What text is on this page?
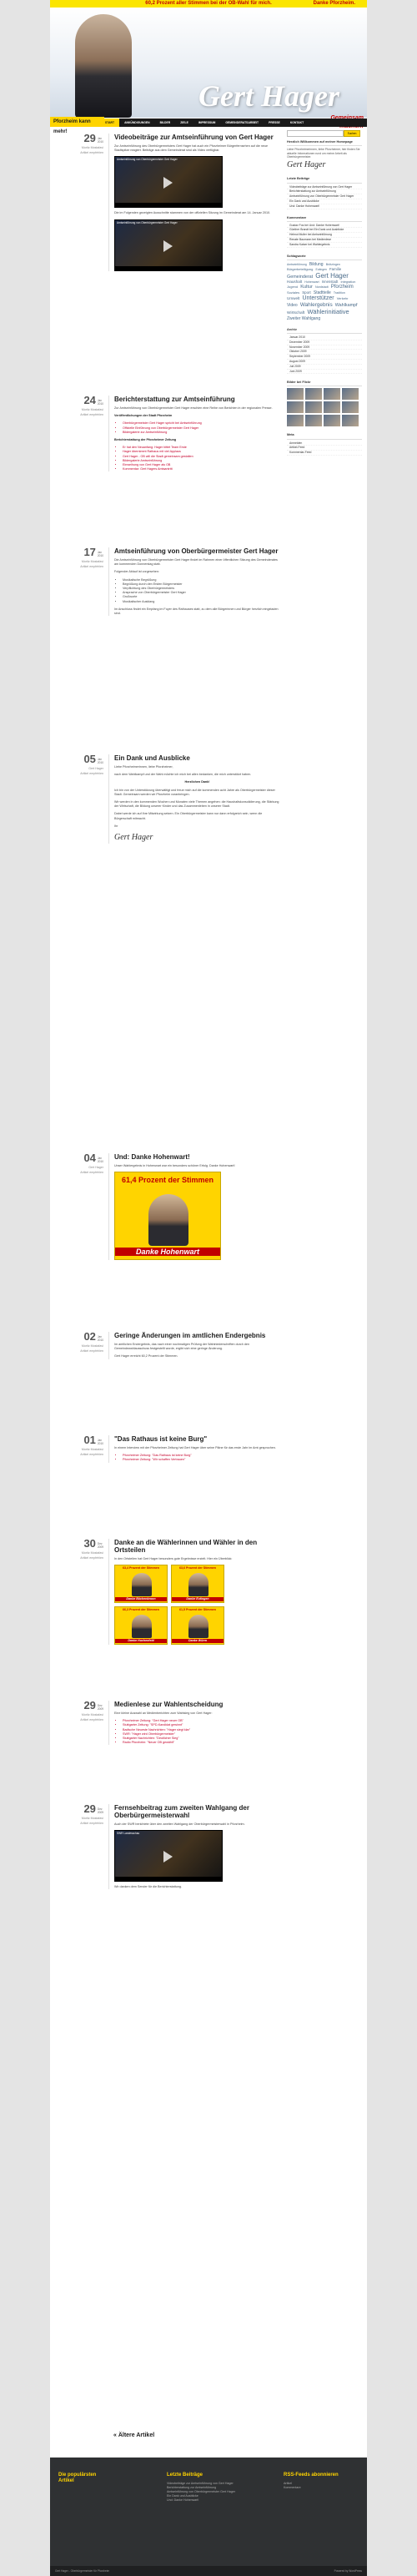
60,2 Prozent aller Stimmen bei der OB-Wahl für mich.	Danke Pforzheim.
Gert Hager
Pforzheim kann mehr!
START	ANKÜNDIGUNGEN	BILDER	ZIELE	IMPRESSUM	GEMEINDERATSARBEIT	PRESSE	KONTAKT
29 Jan
2010
Moritz Mostafavi
Artikel empfehlen
Videobeiträge zur Amtseinführung von Gert Hager
Zur Amtseinführung des Oberbürgermeisters Gert Hager hat auch ein Pforzheimer Bürgerfernsehen auf die neue Stadtspitze reagiert. Beiträge aus dem Gemeinderat sind als Video verfügbar.
Amtseinführung von Oberbürgermeister Gert Hager
Die im Folgenden gezeigten Ausschnitte stammen von der offiziellen Sitzung im Gemeinderat am 14. Januar 2010.
Amtseinführung von Oberbürgermeister Gert Hager
24 Jan
2010
Moritz Mostafavi
Artikel empfehlen
Berichterstattung zur Amtseinführung
Zur Amtseinführung von Oberbürgermeister Gert Hager erschien eine Reihe von Berichten in der regionalen Presse.
Veröffentlichungen der Stadt Pforzheim
• Oberbürgermeister Gert Hager spricht bei Amtseinführung
• Offizielle Einführung von Oberbürgermeister Gert Hager
• Bildergalerie zur Amtseinführung
Berichterstattung der Pforzheimer Zeitung
• Er hat den Neuanfang: Hager bittet Team Erste
• Hager übernimmt Rathaus mit viel Applaus
• Gert Hager - OB will die Stadt gemeinsam gestalten
• Bildergalerie Amtseinführung
• Einweihung von Gert Hager als OB
• Kommentar: Gert Hagers Amtsantritt
17 Jan
2010
Moritz Mostafavi
Artikel empfehlen
Amtseinführung von Oberbürgermeister Gert Hager
Die Amtseinführung von Oberbürgermeister Gert Hager findet im Rahmen einer öffentlichen Sitzung des Gemeinderates am kommenden Donnerstag statt.
Folgender Ablauf ist vorgesehen:
• Musikalische Begrüßung
• Begrüßung durch den Ersten Bürgermeister
• Verpflichtung des Oberbürgermeisters
• Ansprache von Oberbürgermeister Gert Hager
• Grußworte
• Musikalischer Ausklang
Im Anschluss findet ein Empfang im Foyer des Rathauses statt, zu dem alle Bürgerinnen und Bürger herzlich eingeladen sind.
05 Jan
2010
Gert Hager
Artikel empfehlen
Ein Dank und Ausblicke
Liebe Pforzheimerinnen, liebe Pforzheimer,
nach dem Wahlkampf und der Wahl möchte ich mich bei allen bedanken, die mich unterstützt haben.
Herzlichen Dank!
Ich bin von der Unterstützung überwältigt und freue mich auf die kommenden acht Jahre als Oberbürgermeister dieser Stadt. Gemeinsam werden wir Pforzheim voranbringen.
Wir werden in den kommenden Wochen und Monaten viele Themen angehen: die Haushaltskonsolidierung, die Stärkung der Wirtschaft, die Bildung unserer Kinder und das Zusammenleben in unserer Stadt.
Dabei werde ich auf Ihre Mitwirkung setzen. Ein Oberbürgermeister kann nur dann erfolgreich sein, wenn die Bürgerschaft mitmacht.
Ihr
Gert Hager
04 Jan
2010
Gert Hager
Artikel empfehlen
Und: Danke Hohenwart!
Unser Wahlergebnis in Hohenwart war ein besonders schöner Erfolg. Danke Hohenwart!
61,4 Prozent der Stimmen
Danke Hohenwart
02 Jan
2010
Moritz Mostafavi
Artikel empfehlen
Geringe Änderungen im amtlichen Endergebnis
Im amtlichen Endergebnis, das nach einer nochmaligen Prüfung der Wahlniederschriften durch den Gemeindewahlausschuss festgestellt wurde, ergibt sich eine geringe Änderung.
Gert Hager erreicht 60,2 Prozent der Stimmen.
01 Jan
2010
Moritz Mostafavi
Artikel empfehlen
"Das Rathaus ist keine Burg"
In einem Interview mit der Pforzheimer Zeitung hat Gert Hager über seine Pläne für das erste Jahr im Amt gesprochen.
• Pforzheimer Zeitung: "Das Rathaus ist keine Burg"
• Pforzheimer Zeitung: "Wir schaffen Vertrauen"
30 Dez
2009
Moritz Mostafavi
Artikel empfehlen
Danke an die Wählerinnen und Wähler in den Ortsteilen
In den Ortsteilen hat Gert Hager besonders gute Ergebnisse erzielt. Hier ein Überblick:
63,4 Prozent der Stimmen
Danke Büchenbronn
63,6 Prozent der Stimmen
Danke Eutingen
66,3 Prozent der Stimmen
Danke Huchenfeld
61,5 Prozent der Stimmen
Danke Würm
29 Dez
2009
Moritz Mostafavi
Artikel empfehlen
Medienlese zur Wahlentscheidung
Eine kleine Auswahl an Medienberichten zum Wahlsieg von Gert Hager:
• Pforzheimer Zeitung: "Gert Hager neuer OB"
• Stuttgarter Zeitung: "SPD-Kandidat gewinnt"
• Badische Neueste Nachrichten: "Hager siegt klar"
• SWR: "Hager wird Oberbürgermeister"
• Stuttgarter Nachrichten: "Deutlicher Sieg"
• Radio Pforzheim: "Neuer OB gewählt"
29 Dez
2009
Moritz Mostafavi
Artikel empfehlen
Fernsehbeitrag zum zweiten Wahlgang der Oberbürgermeisterwahl
Auch der SWR berichtete über den zweiten Wahlgang der Oberbürgermeisterwahl in Pforzheim.
SWR Landesschau
Wir danken dem Sender für die Berichterstattung.
« Ältere Artikel
Suchen
Herzlich Willkommen auf meiner Homepage
Liebe Pforzheimerinnen, liebe Pforzheimer, hier finden Sie aktuelle Informationen rund um meine Arbeit als Oberbürgermeister.
Gert Hager
Letzte Beiträge
Videobeiträge zur Amtseinführung von Gert Hager
Berichterstattung zur Amtseinführung
Amtseinführung von Oberbürgermeister Gert Hager
Ein Dank und Ausblicke
Und: Danke Hohenwart!
Kommentare
Gustav Fos bei Und: Danke Hohenwart!
Günther Brandt bei Ein Dank und Ausblicke
Helmut Muller bei Amtseinführung
Renate Baumann bei Medienlese
Sandra Kaiser bei Wahlergebnis
Schlagworte
Amtseinführung Bildung Brötzingen Bürgerbeteiligung Eutingen Familie Gemeinderat Gert Hager Haushalt Hohenwart Innenstadt Integration Jugend Kultur Nordstadt Pforzheim Soziales Sport Stadtteile Tradition Umwelt Unterstützer Verkehr Video Wahlergebnis Wahlkampf Wirtschaft Wählerinitiative Zweiter Wahlgang
Archiv
Januar 2010
Dezember 2009
November 2009
Oktober 2009
September 2009
August 2009
Juli 2009
Juni 2009
Bilder bei Flickr
Meta
Anmelden
Artikel-Feed
Kommentar-Feed
Die populärsten Artikel
Letzte Beiträge
Videobeiträge zur Amtseinführung von Gert Hager
Berichterstattung zur Amtseinführung
Amtseinführung von Oberbürgermeister Gert Hager
Ein Dank und Ausblicke
Und: Danke Hohenwart!
RSS-Feeds abonnieren
Artikel
Kommentare
Gert Hager - Oberbürgermeister für Pforzheim	Powered by WordPress
